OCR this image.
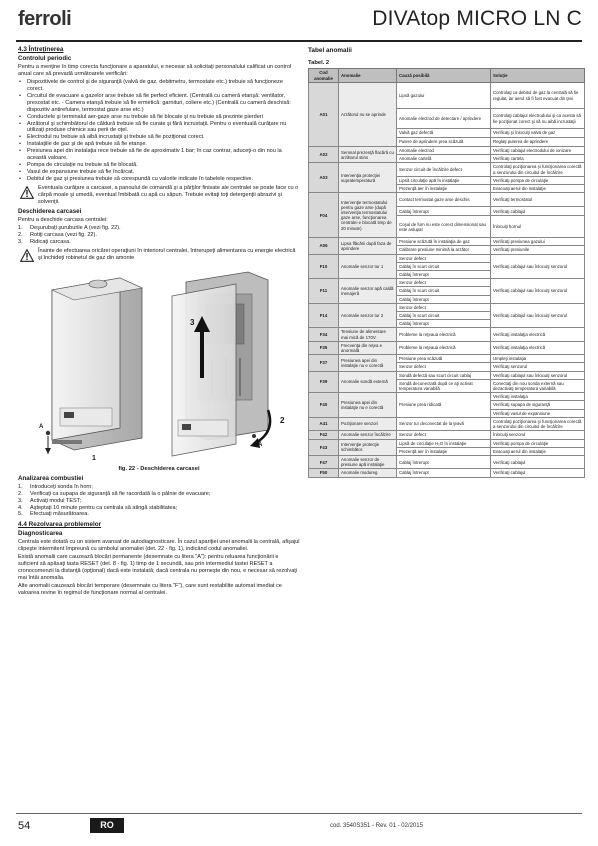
ferroli	DIVAtop MICRO LN C
4.3 Întreţinerea
Controlul periodic
Pentru a menţine în timp corecta funcţionare a aparatului, e necesar să solicitaţi personalului calificat un control anual care să prevadă următoarele verificări:
• Dispozitivele de control şi de siguranţă (valvă de gaz, debitmetru, termostate etc.) trebuie să funcţioneze corect.
• Circuitul de evacuare a gazelor arse trebuie să fie perfect eficient. (Centrală cu cameră etanşă: ventilator, presostat etc. - Camera etanşă trebuie să fie ermetică: garnituri, coliere etc.) (Centrală cu cameră deschisă: dispozitiv antirefulare, termostat gaze arse etc.)
• Conductele şi terminalul aer-gaze arse nu trebuie să fie blocate şi nu trebuie să prezinte pierderi
• Arzătorul şi schimbătorul de căldură trebuie să fie curate şi fără incrustaţii. Pentru o eventuală curăţare nu utilizaţi produse chimice sau perii de oţel.
• Electrodul nu trebuie să aibă incrustaţii şi trebuie să fie poziţionat corect.
• Instalaţiile de gaz şi de apă trebuie să fie etanşe.
• Presiunea apei din instalaţia rece trebuie să fie de aproximativ 1 bar; în caz contrar, aduceţi-o din nou la această valoare.
• Pompa de circulaţie nu trebuie să fie blocată.
• Vasul de expansiune trebuie să fie încărcat.
• Debitul de gaz şi presiunea trebuie să corespundă cu valorile indicate în tabelele respective.
Eventuala curăţare a carcasei, a panoului de comandă şi a părţilor finisate ale centralei se poate face cu o cârpă moale şi umedă, eventual îmbibată cu apă cu săpun. Trebuie evitaţi toţi detergenţii abrazivi şi solvenţii.
Deschiderea carcasei
Pentru a deschide carcasa centralei:
1. Deşurubaţi şuruburile A (vezi fig. 22).
2. Rotiţi carcasa (vezi fig. 22).
3. Ridicaţi carcasa.
Înainte de efectuarea oricărei operaţiuni în interiorul centralei, întrerupeţi alimentarea cu energie electrică şi închideţi robinetul de gaz din amonte
1
2
3
A
A
fig. 22 - Deschiderea carcasei
Analizarea combustiei
1. Introduceţi sonda în horn;
2. Verificaţi ca supapa de siguranţă să fie racordată la o pâlnie de evacuare;
3. Activaţi modul TEST;
4. Aşteptaţi 10 minute pentru ca centrala să atingă stabilitatea;
5. Efectuaţi măsurătoarea.
4.4 Rezolvarea problemelor
Diagnosticarea
Centrala este dotată cu un sistem avansat de autodiagnosticare. În cazul apariţiei unei anomalii la centrală, afişajul clipeşte intermitent împreună cu simbolul anomaliei (det. 22 - fig. 1), indicând codul anomaliei.
Există anomalii care cauzează blocări permanente (desemnate cu litera "A"): pentru reluarea funcţionării e suficient să apăsaţi tasta RESET (det. 8 - fig. 1) timp de 1 secundă, sau prin intermediul tastei RESET a cronocomenzii la distanţă (opţional) dacă este instalată; dacă centrala nu porneşte din nou, e necesar să rezolvaţi mai întâi anomalia.
Alte anomalii cauzează blocări temporare (desemnate cu litera "F"), care sunt restabilite automat imediat ce valoarea revine în regimul de funcţionare normal al centralei.
Tabel anomalii
Tabel. 2
Cod anomalie	Anomalie	Cauză posibilă	Soluţie
A01	Arzătorul nu se aprinde	Lipsă gazului	Controlaţi ca debitul de gaz la centrală să fie regulat, iar aerul să fi fost evacuat din ţevi
		Anomalie electrod de detectare / aprindere	Controlaţi cablajul electrodului şi ca acesta să fie poziţionat corect şi să nu aibă incrustaţii
		Valvă gaz defectă	Verificaţi şi înlocuiţi valva de gaz
		Putere de aprindere prea scăzută	Reglaţi puterea de aprindere
A02	Semnal prezenţă flacără cu arzătorul stins	Anomalie electrod	Verificaţi cablajul electrodului de ionizare
		Anomalie cartelă	Verificaţi cartela
A03	Intervenţia protecţiei supratemperatură	Senzor circuit de încălzire defect	Controlaţi poziţionarea şi funcţionarea corectă a senzorului din circuitul de încălzire
		Lipsă circulaţie apă în instalaţie	Verificaţi pompa de circulaţie
		Prezenţă aer în instalaţie	Evacuaţi aerul din instalaţie
F04	Intervenţie termostatului pentru gaze arse (după intervenţia termostatului gaze arse, funcţionarea centralei e blocată timp de 20 minute)	Contact termostat gaze arse deschis	Verificaţi termostatul
		Cablaj întrerupt	Verificaţi cablajul
		Coşul de fum nu este corect dimensionat sau este astupat	Înlocuiţi hornul
A06	Lipsa flăcării după faza de aprindere	Presiune scăzută în instalaţia de gaz	Verificaţi presiunea gazului
		Calibrare presiune minimă la arzător	Verificaţi presiunile
F10	Anomalie senzor tur 1	Senzor defect	Verificaţi cablajul sau înlocuiţi senzorul
		Cablaj în scurt circuit	
		Cablaj întrerupt	
F11	Anomalie senzor apă caldă menajeră	Senzor defect	Verificaţi cablajul sau înlocuiţi senzorul
		Cablaj în scurt circuit	
		Cablaj întrerupt	
F14	Anomalie senzor tur 2	Senzor defect	Verificaţi cablajul sau înlocuiţi senzorul
		Cablaj în scurt circuit	
		Cablaj întrerupt	
F34	Tensiune de alimentare mai mică de 170V.	Probleme la reţeaua electrică	Verificaţi instalaţia electrică
F35	Frecvenţa din reţea e anormală	Probleme la reţeaua electrică	Verificaţi instalaţia electrică
F37	Presiunea apei din instalaţie nu e corectă	Presiune prea scăzută	Umpleţi instalaţia
		Senzor defect	Verificaţi senzorul
F39	Anomalie sondă externă	Sondă defectă sau scurt circuit cablaj	Verificaţi cablajul sau înlocuiţi senzorul
		Sondă deconectată după ce aţi activat temperatura variabilă	Conectaţi din nou sonda externă sau dezactivaţi temperatura variabilă
F40	Presiunea apei din instalaţie nu e corectă	Presiune prea ridicată	Verificaţi instalaţia
			Verificaţi supapa de siguranţă
			Verificaţi vasul de expansiune
A41	Poziţionare senzori	Senzor tur deconectat de la ţeavă	Controlaţi poziţionarea şi funcţionarea corectă a senzorului din circuitul de încălzire
F42	Anomalie senzor încălzire	Senzor defect	Înlocuiţi senzorul
F43	Intervenţie protecţie schimbător.	Lipsă de circulaţie H₂O în instalaţie	Verificaţi pompa de circulaţie
		Prezenţă aer în instalaţie	Evacuaţi aerul din instalaţie
F47	Anomalie senzor de presiune apă instalaţie	Cablaj întrerupt	Verificaţi cablajul
F50	Anomalie modureg	Cablaj întrerupt	Verificaţi cablajul
54	RO	cod. 3540S351 - Rev. 01 - 02/2015
